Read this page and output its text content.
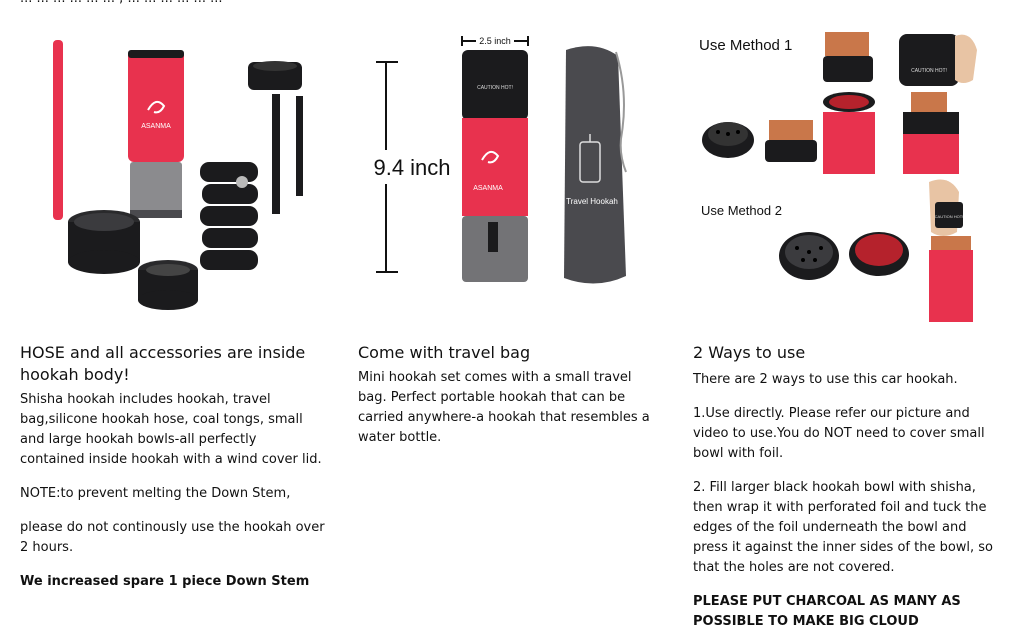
ASANMA
HOSE and all accessories are inside hookah body!
Shisha hookah includes hookah, travel bag,silicone hookah hose, coal tongs, small and large hookah bowls-all perfectly contained inside hookah with a wind cover lid.
NOTE:to prevent melting the Down Stem,
please do not continously use the hookah over 2 hours.
We increased spare 1 piece Down Stem
2.5 inch
9.4 inch
CAUTION HOT!
ASANMA
Travel Hookah
Come with travel bag
Mini hookah set comes with a small travel bag. Perfect portable hookah that can be carried anywhere-a hookah that resembles a water bottle.
Use Method 1
CAUTION HOT!
Use Method 2	CAUTION HOT!
2 Ways to use
There are 2 ways to use this car hookah.
1.Use directly. Please refer our picture and video to use.You do NOT need to cover small bowl with foil.
2. Fill larger black hookah bowl with shisha, then wrap it with perforated foil and tuck the edges of the foil underneath the bowl and press it against the inner sides of the bowl, so that the holes are not covered.
PLEASE PUT CHARCOAL AS MANY AS POSSIBLE TO MAKE BIG CLOUD
